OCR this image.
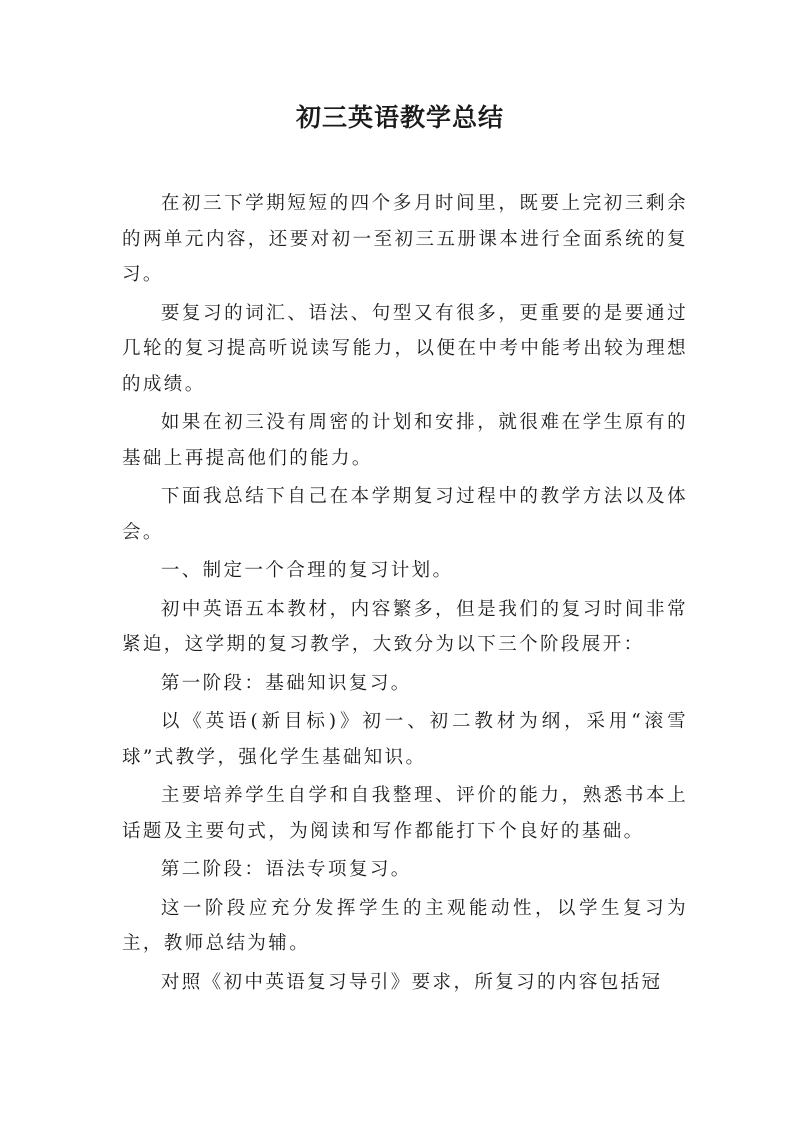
初三英语教学总结

在初三下学期短短的四个多月时间里，既要上完初三剩余的两单元内容，还要对初一至初三五册课本进行全面系统的复习。

要复习的词汇、语法、句型又有很多，更重要的是要通过几轮的复习提高听说读写能力，以便在中考中能考出较为理想的成绩。

如果在初三没有周密的计划和安排，就很难在学生原有的基础上再提高他们的能力。

下面我总结下自己在本学期复习过程中的教学方法以及体会。

一、制定一个合理的复习计划。

初中英语五本教材，内容繁多，但是我们的复习时间非常紧迫，这学期的复习教学，大致分为以下三个阶段展开：

第一阶段：基础知识复习。

以《英语(新目标)》初一、初二教材为纲，采用“滚雪球”式教学，强化学生基础知识。

主要培养学生自学和自我整理、评价的能力，熟悉书本上话题及主要句式，为阅读和写作都能打下个良好的基础。

第二阶段：语法专项复习。

这一阶段应充分发挥学生的主观能动性，以学生复习为主，教师总结为辅。

对照《初中英语复习导引》要求，所复习的内容包括冠
